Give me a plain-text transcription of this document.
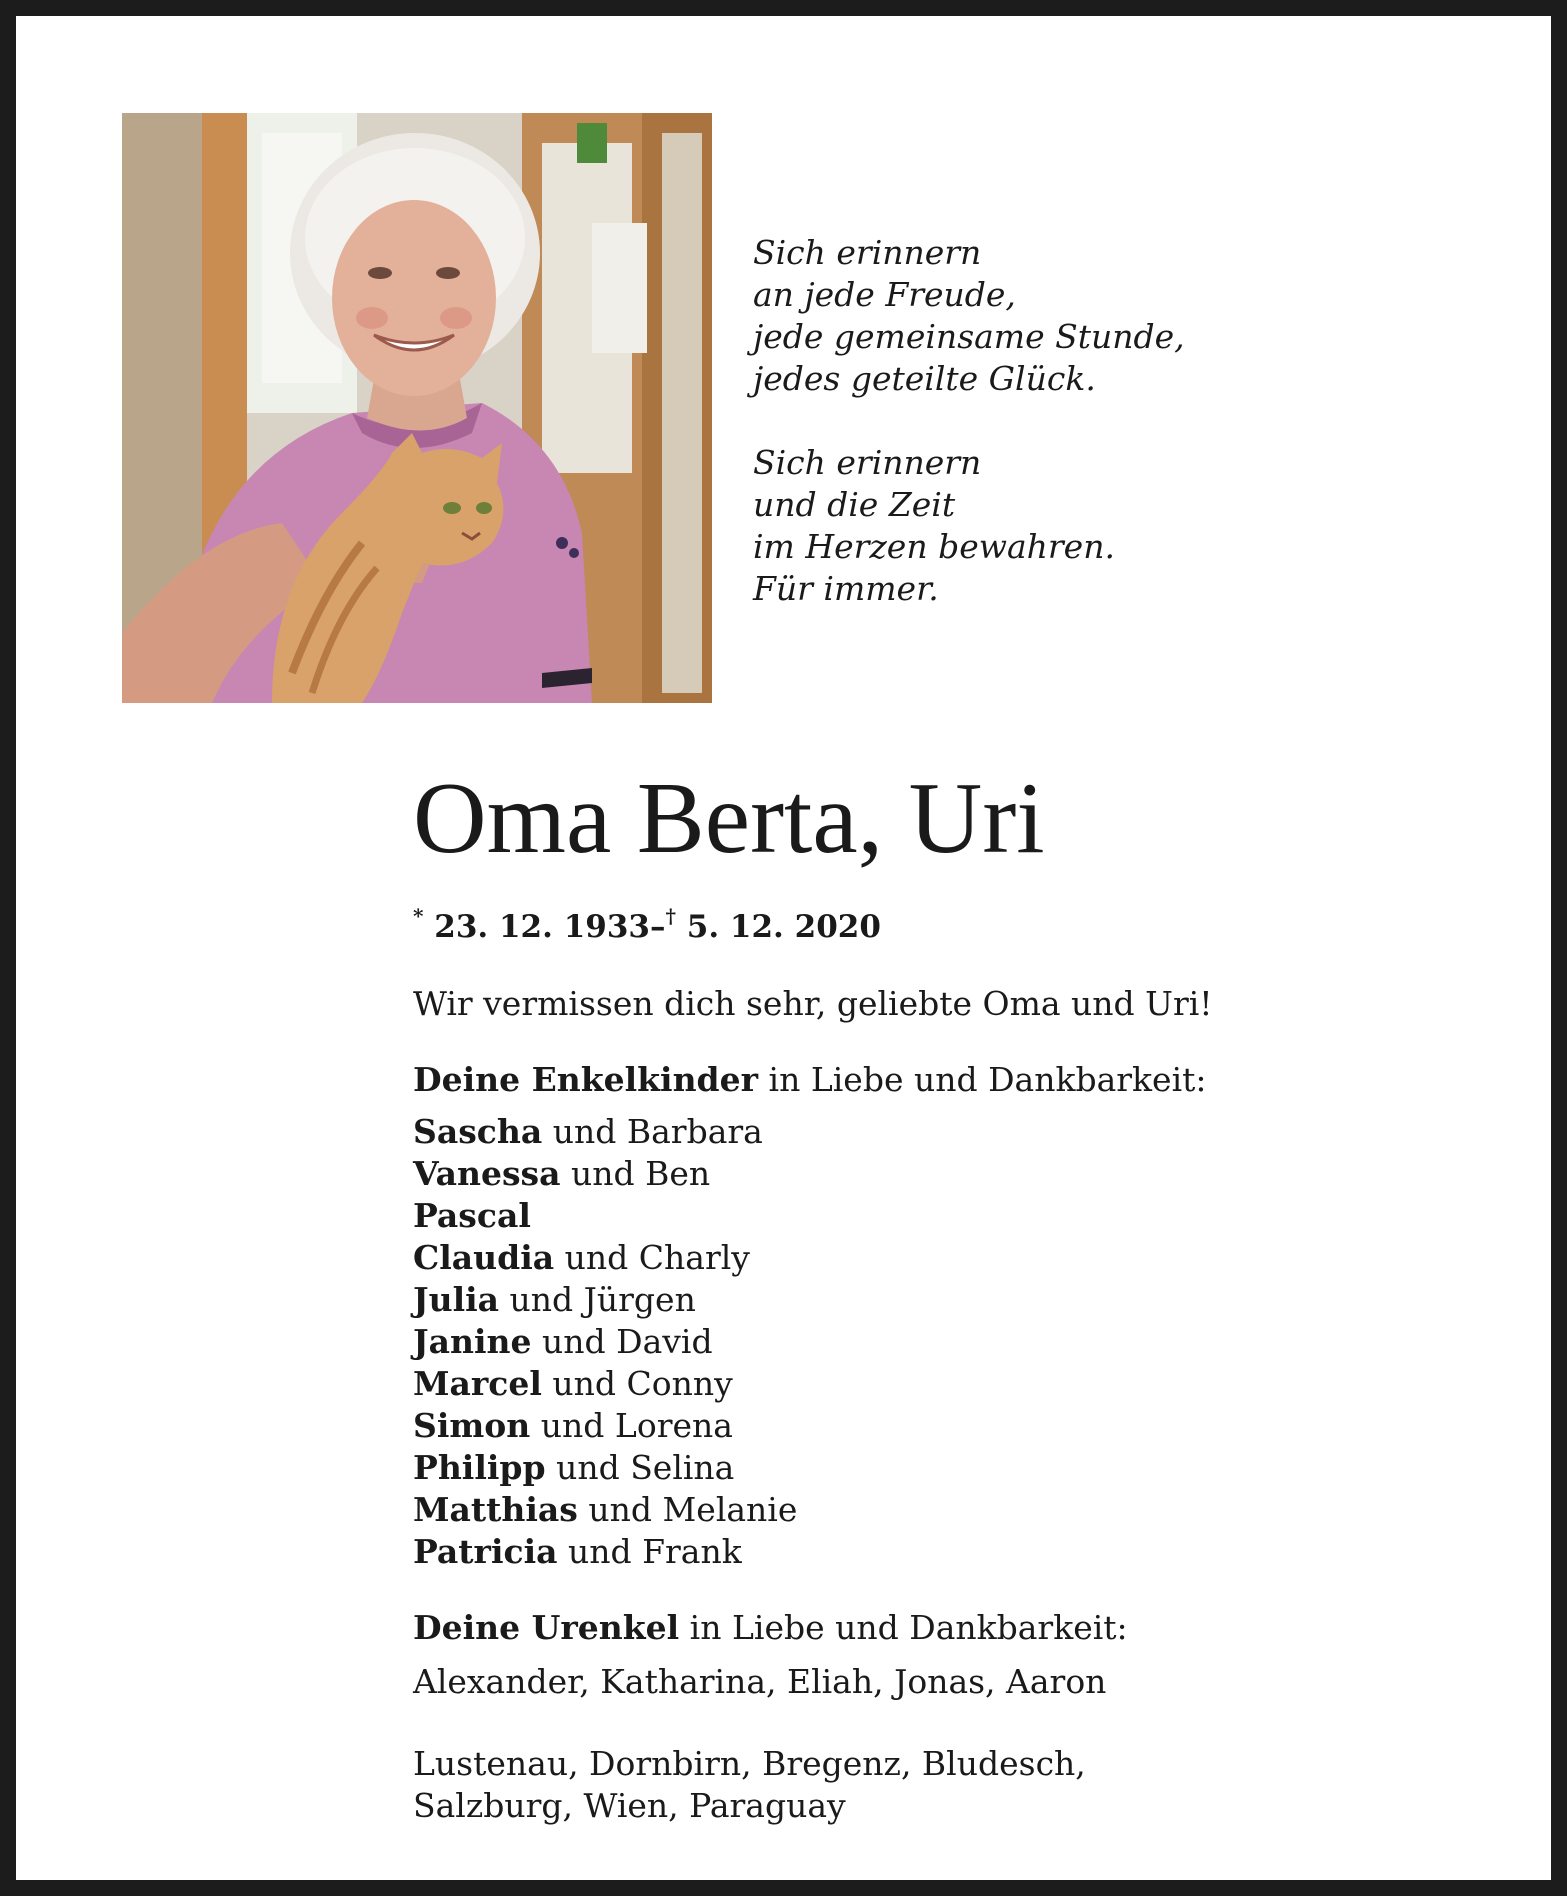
Sich erinnern
an jede Freude,
jede gemeinsame Stunde,
jedes geteilte Glück.
Sich erinnern
und die Zeit
im Herzen bewahren.
Für immer.
Oma Berta, Uri
* 23. 12. 1933–† 5. 12. 2020
Wir vermissen dich sehr, geliebte Oma und Uri!
Deine Enkelkinder in Liebe und Dankbarkeit:
Sascha und Barbara
Vanessa und Ben
Pascal
Claudia und Charly
Julia und Jürgen
Janine und David
Marcel und Conny
Simon und Lorena
Philipp und Selina
Matthias und Melanie
Patricia und Frank
Deine Urenkel in Liebe und Dankbarkeit:
Alexander, Katharina, Eliah, Jonas, Aaron
Lustenau, Dornbirn, Bregenz, Bludesch,
Salzburg, Wien, Paraguay
